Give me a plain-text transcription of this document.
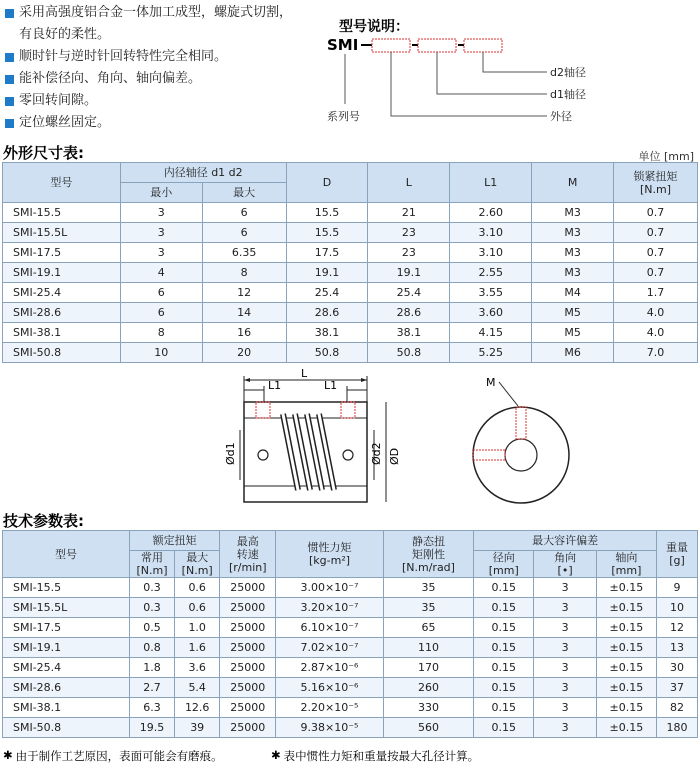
采用高强度铝合金一体加工成型，螺旋式切割，有良好的柔性。
顺时针与逆时针回转特性完全相同。
能补偿径向、角向、轴向偏差。
零回转间隙。
定位螺丝固定。
型号说明：
SMI
d2轴径
d1轴径
系列号	外径
外形尺寸表:	单位 [mm]
型号	内径轴径 d1 d2		D	L	L1	M	锁紧扭矩
[N.m]
	最小	最大					
SMI-15.5	3	6	15.5	21	2.60	M3	0.7
SMI-15.5L	3	6	15.5	23	3.10	M3	0.7
SMI-17.5	3	6.35	17.5	23	3.10	M3	0.7
SMI-19.1	4	8	19.1	19.1	2.55	M3	0.7
SMI-25.4	6	12	25.4	25.4	3.55	M4	1.7
SMI-28.6	6	14	28.6	28.6	3.60	M5	4.0
SMI-38.1	8	16	38.1	38.1	4.15	M5	4.0
SMI-50.8	10	20	50.8	50.8	5.25	M6	7.0
L
L1	L1
Ød1	Ød2 ØD
M
技术参数表:
型号	额定扭矩		最高
转速
[r/min]	惯性力矩
[kg-m²]	静态扭
矩刚性
[N.m/rad]	最大容许偏差			重量
[g]
	常用
[N.m]	最大
[N.m]				径向
[mm]	角向
[•]	轴向
[mm]	
SMI-15.5	0.3	0.6	25000	3.00×10⁻⁷	35	0.15	3	±0.15	9
SMI-15.5L	0.3	0.6	25000	3.20×10⁻⁷	35	0.15	3	±0.15	10
SMI-17.5	0.5	1.0	25000	6.10×10⁻⁷	65	0.15	3	±0.15	12
SMI-19.1	0.8	1.6	25000	7.02×10⁻⁷	110	0.15	3	±0.15	13
SMI-25.4	1.8	3.6	25000	2.87×10⁻⁶	170	0.15	3	±0.15	30
SMI-28.6	2.7	5.4	25000	5.16×10⁻⁶	260	0.15	3	±0.15	37
SMI-38.1	6.3	12.6	25000	2.20×10⁻⁵	330	0.15	3	±0.15	82
SMI-50.8	19.5	39	25000	9.38×10⁻⁵	560	0.15	3	±0.15	180
✱ 由于制作工艺原因，表面可能会有磨痕。	✱ 表中惯性力矩和重量按最大孔径计算。
